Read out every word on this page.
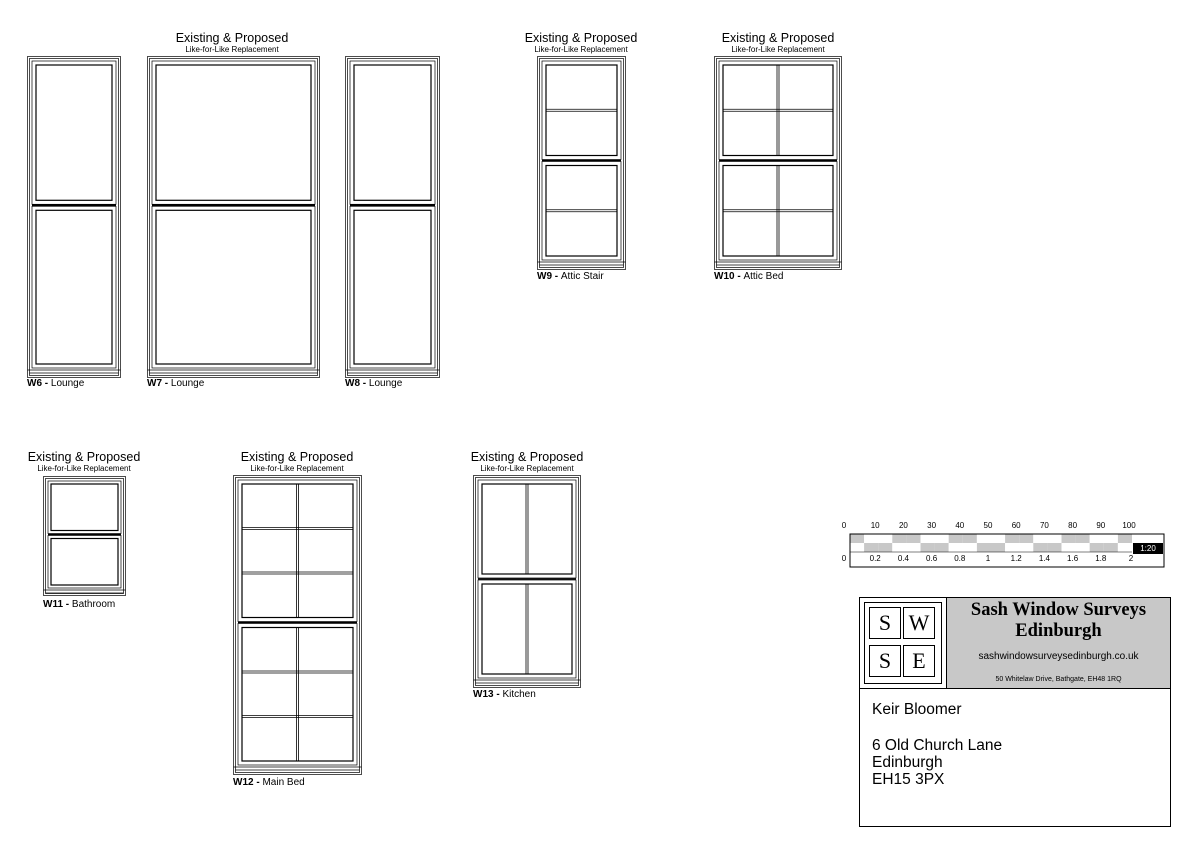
Existing & Proposed
Like-for-Like Replacement
Existing & Proposed
Like-for-Like Replacement
Existing & Proposed
Like-for-Like Replacement
Existing & Proposed
Like-for-Like Replacement
Existing & Proposed
Like-for-Like Replacement
Existing & Proposed
Like-for-Like Replacement
W6 - Lounge	W7 - Lounge	W8 - Lounge
W9 - Attic Stair	W10 - Attic Bed
W11 - Bathroom
W12 - Main Bed
W13 - Kitchen
0	10 20 30 40 50 60 70 80 90 100
1:20
0	0.2 0.4 0.6 0.8	1	1.2 1.4 1.6 1.8	2
S W
S E
Sash Window Surveys
Edinburgh
sashwindowsurveysedinburgh.co.uk
50 Whitelaw Drive, Bathgate, EH48 1RQ
Keir Bloomer
6 Old Church Lane
Edinburgh
EH15 3PX
